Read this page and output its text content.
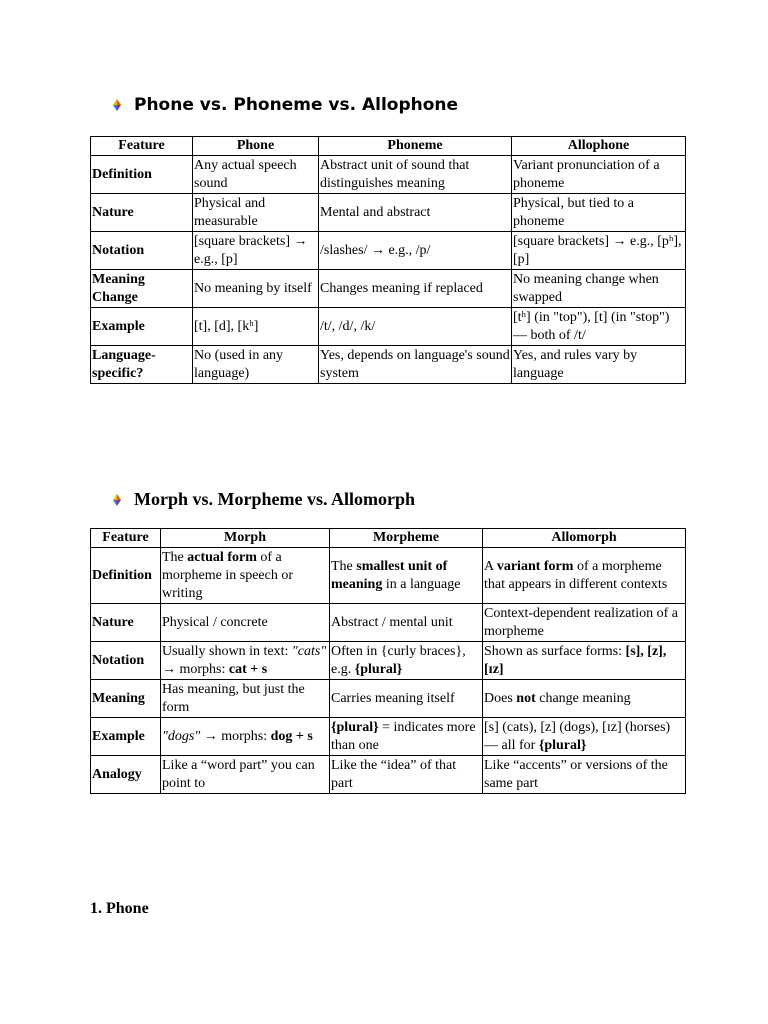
Phone vs. Phoneme vs. Allophone
Feature	Phone	Phoneme	Allophone
Definition	Any actual speech sound	Abstract unit of sound that distinguishes meaning	Variant pronunciation of a phoneme
Nature	Physical and measurable	Mental and abstract	Physical, but tied to a phoneme
Notation	[square brackets] → e.g., [p]	/slashes/ → e.g., /p/	[square brackets] → e.g., [pʰ], [p]
Meaning Change	No meaning by itself	Changes meaning if replaced	No meaning change when swapped
Example	[t], [d], [kʰ]	/t/, /d/, /k/	[tʰ] (in "top"), [t] (in "stop") — both of /t/
Language-specific?	No (used in any language)	Yes, depends on language's sound system	Yes, and rules vary by language
Morph vs. Morpheme vs. Allomorph
Feature	Morph	Morpheme	Allomorph
Definition	The actual form of a morpheme in speech or writing	The smallest unit of meaning in a language	A variant form of a morpheme that appears in different contexts
Nature	Physical / concrete	Abstract / mental unit	Context-dependent realization of a morpheme
Notation	Usually shown in text: "cats" → morphs: cat + s	Often in {curly braces}, e.g. {plural}	Shown as surface forms: [s], [z], [ɪz]
Meaning	Has meaning, but just the form	Carries meaning itself	Does not change meaning
Example	"dogs" → morphs: dog + s	{plural} = indicates more than one	[s] (cats), [z] (dogs), [ɪz] (horses) — all for {plural}
Analogy	Like a “word part” you can point to	Like the “idea” of that part	Like “accents” or versions of the same part
1. Phone
